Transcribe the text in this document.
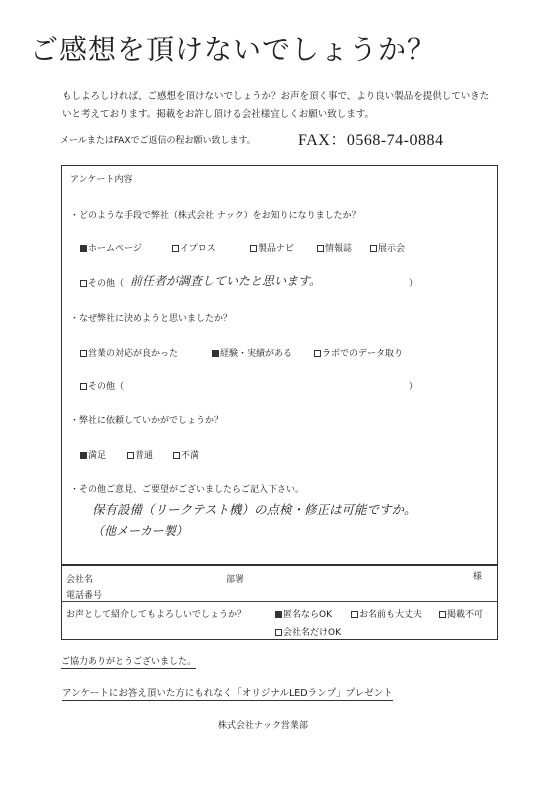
ご感想を頂けないでしょうか？
もしよろしければ、ご感想を頂けないでしょうか？お声を頂く事で、より良い製品を提供していきたいと考えております。掲載をお許し頂ける会社様宜しくお願い致します。
メールまたはFAXでご返信の程お願い致します。	FAX：0568-74-0884
アンケート内容
・どのような手段で弊社（株式会社 ナック）をお知りになりましたか？
ホームページ	イプロス	製品ナビ	情報誌	展示会
その他（ 前任者が調査していたと思います。	）
・なぜ弊社に決めようと思いましたか？
営業の対応が良かった	経験・実績がある	ラボでのデータ取り
その他（	）
・弊社に依頼していかがでしょうか？
満足	普通	不満
・その他ご意見、ご要望がございましたらご記入下さい。
保有設備（リークテスト機）の点検・修正は可能ですか。
（他メーカー製）
会社名	部署	様
電話番号
お声として紹介してもよろしいでしょうか？	匿名ならOK	お名前も大丈夫	掲載不可
会社名だけOK
ご協力ありがとうございました。
アンケートにお答え頂いた方にもれなく「オリジナルLEDランプ」プレゼント
株式会社ナック営業部
